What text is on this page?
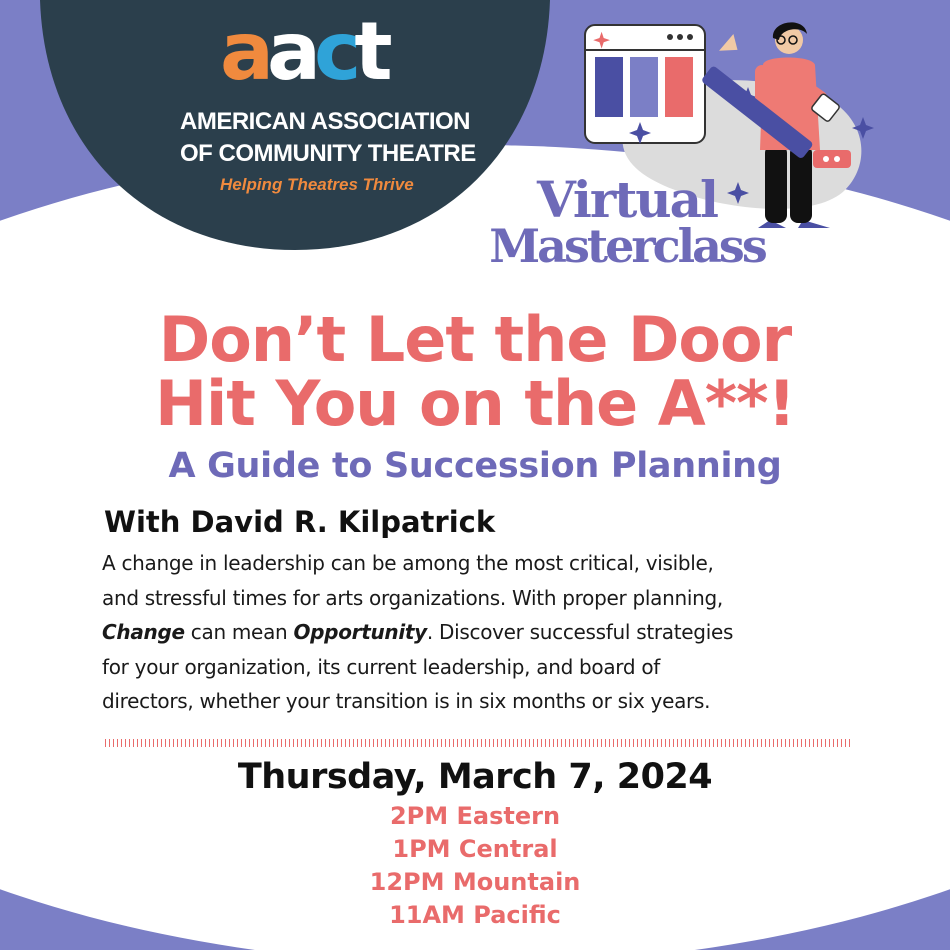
aact
AMERICAN ASSOCIATION
OF COMMUNITY THEATRE
Helping Theatres Thrive	Virtual
Masterclass
Don’t Let the Door
Hit You on the A**!
A Guide to Succession Planning
With David R. Kilpatrick
A change in leadership can be among the most critical, visible,
and stressful times for arts organizations. With proper planning,
Change can mean Opportunity. Discover successful strategies
for your organization, its current leadership, and board of
directors, whether your transition is in six months or six years.
Thursday, March 7, 2024
2PM Eastern
1PM Central
12PM Mountain
11AM Pacific
